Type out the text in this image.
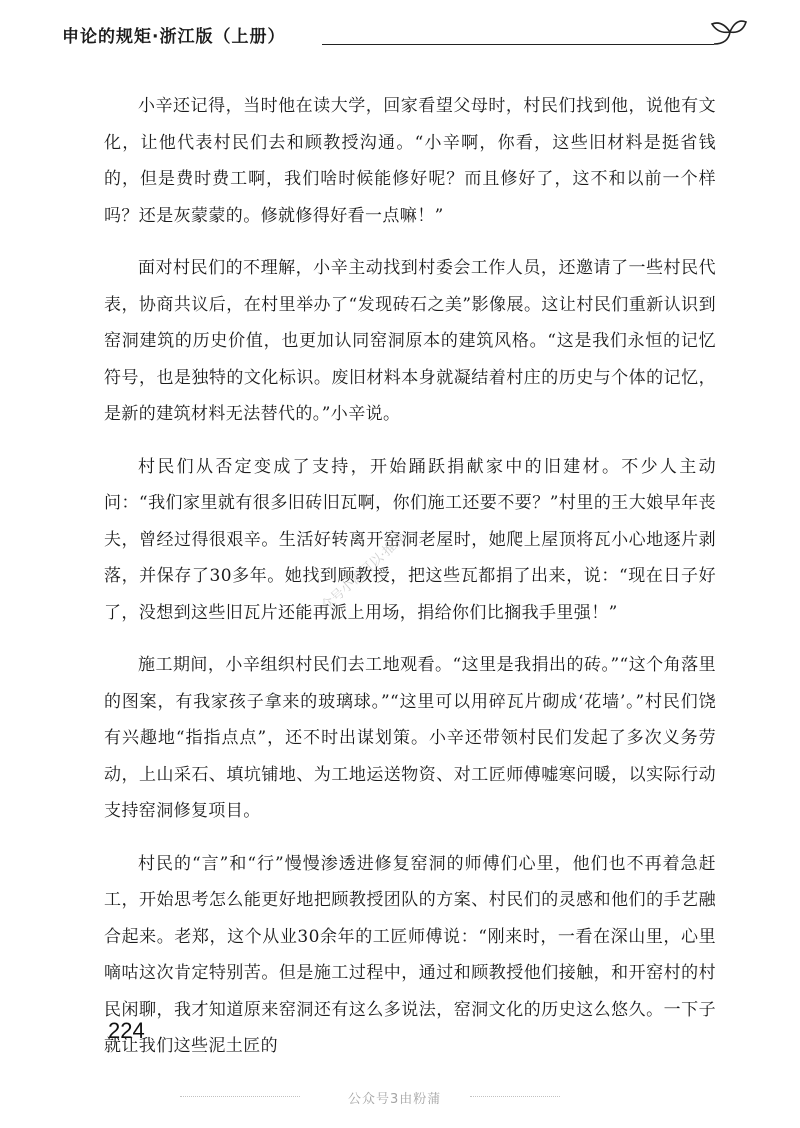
申论的规矩·浙江版（上册）

小辛还记得，当时他在读大学，回家看望父母时，村民们找到他，说他有文化，让他代表村民们去和顾教授沟通。“小辛啊，你看，这些旧材料是挺省钱的，但是费时费工啊，我们啥时候能修好呢？而且修好了，这不和以前一个样吗？还是灰蒙蒙的。修就修得好看一点嘛！”

面对村民们的不理解，小辛主动找到村委会工作人员，还邀请了一些村民代表，协商共议后，在村里举办了“发现砖石之美”影像展。这让村民们重新认识到窑洞建筑的历史价值，也更加认同窑洞原本的建筑风格。“这是我们永恒的记忆符号，也是独特的文化标识。废旧材料本身就凝结着村庄的历史与个体的记忆，是新的建筑材料无法替代的。”小辛说。

村民们从否定变成了支持，开始踊跃捐献家中的旧建材。不少人主动问：“我们家里就有很多旧砖旧瓦啊，你们施工还要不要？”村里的王大娘早年丧夫，曾经过得很艰辛。生活好转离开窑洞老屋时，她爬上屋顶将瓦小心地逐片剥落，并保存了30多年。她找到顾教授，把这些瓦都捐了出来，说：“现在日子好了，没想到这些旧瓦片还能再派上用场，捐给你们比搁我手里强！”

施工期间，小辛组织村民们去工地观看。“这里是我捐出的砖。”“这个角落里的图案，有我家孩子拿来的玻璃球。”“这里可以用碎瓦片砌成‘花墙’。”村民们饶有兴趣地“指指点点”，还不时出谋划策。小辛还带领村民们发起了多次义务劳动，上山采石、填坑铺地、为工地运送物资、对工匠师傅嘘寒问暖，以实际行动支持窑洞修复项目。

村民的“言”和“行”慢慢渗透进修复窑洞的师傅们心里，他们也不再着急赶工，开始思考怎么能更好地把顾教授团队的方案、村民们的灵感和他们的手艺融合起来。老郑，这个从业30余年的工匠师傅说：“刚来时，一看在深山里，心里嘀咕这次肯定特别苦。但是施工过程中，通过和顾教授他们接触，和开窑村的村民闲聊，我才知道原来窑洞还有这么多说法，窑洞文化的历史这么悠久。一下子就让我们这些泥土匠的

众号小需可以·推荐
224
公众号3由粉蒲
